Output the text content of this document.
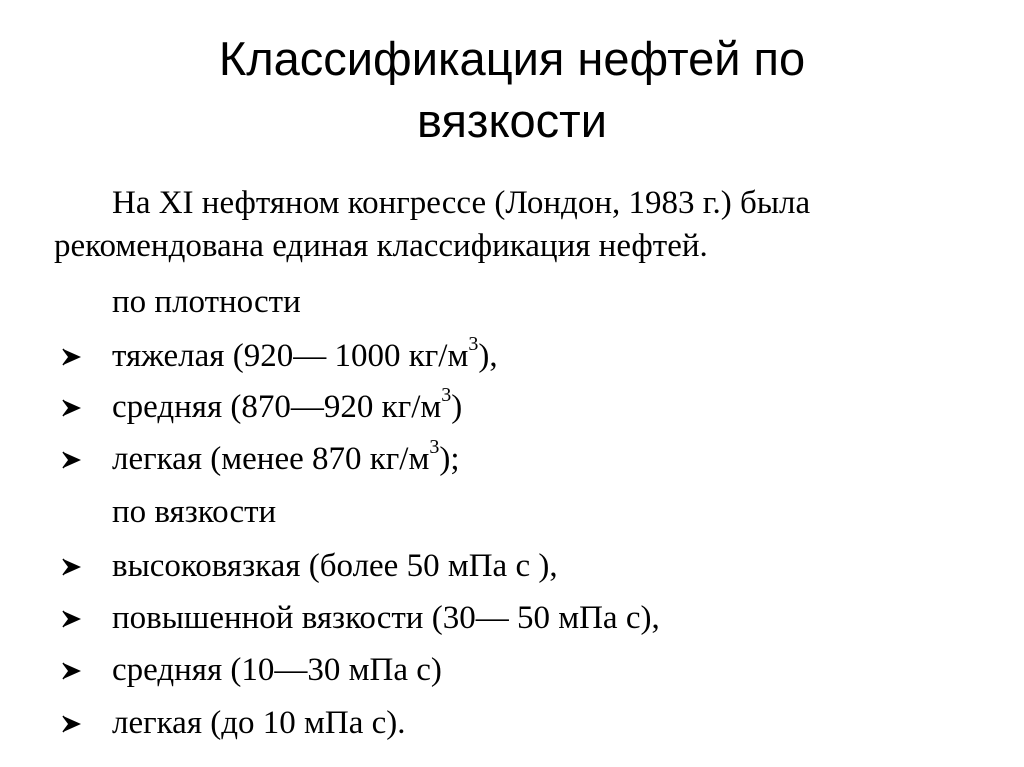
Классификация нефтей по
вязкости

На XI нефтяном конгрессе (Лондон, 1983 г.) была
рекомендована единая классификация нефтей.

по плотности
тяжелая (920— 1000 $кг/м^3$),
средняя (870—920 $кг/м^3$)
легкая (менее 870 $кг/м^3$);
по вязкости
высоковязкая (более 50 мПа с ),
повышенной вязкости (30— 50 мПа с),
средняя (10—30 мПа с)
легкая (до 10 мПа с).
